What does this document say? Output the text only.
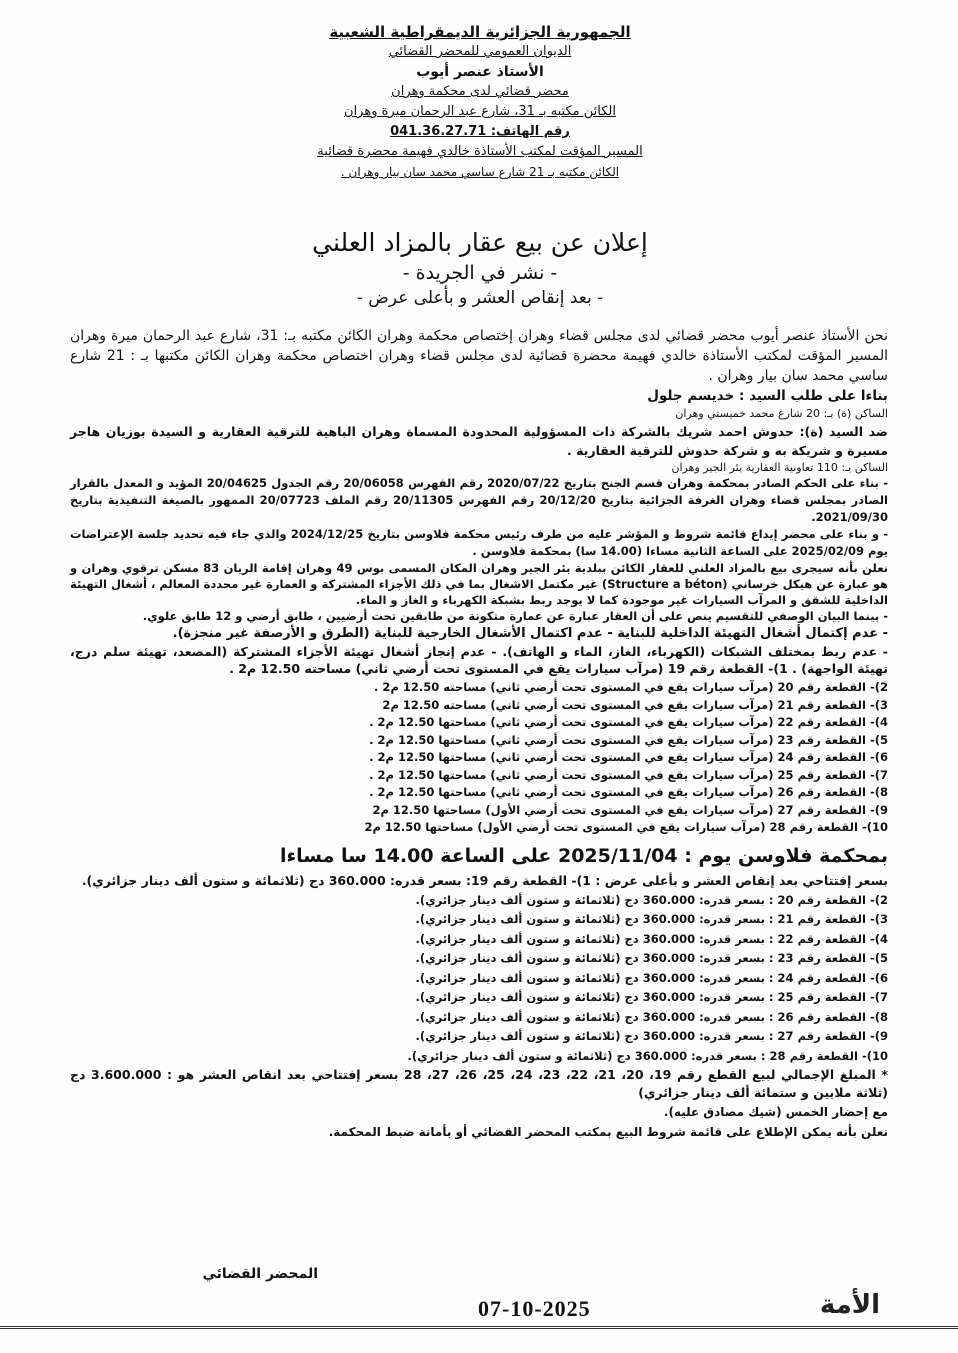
الجمهورية الجزائرية الديمقراطية الشعبية
الديوان العمومي للمحضر القضائي
الأستاذ عنصر أيوب
محضر قضائي لدى محكمة وهران
الكائن مكتبه بـ 31، شارع عبد الرحمان ميرة وهران
رقم الهاتف: 041.36.27.71
المسير المؤقت لمكتب الأستاذة خالدي فهيمة محضرة قضائية
الكائن مكتبه بـ 21 شارع ساسي محمد سان بيار وهران .
إعلان عن بيع عقار بالمزاد العلني
- نشر في الجريدة -
- بعد إنقاص العشر و بأعلى عرض -

نحن الأستاذ عنصر أيوب محضر قضائي لدى مجلس قضاء وهران إختصاص محكمة وهران الكائن مكتبه بـ: 31، شارع عبد الرحمان ميرة وهران المسير المؤقت لمكتب الأستاذة خالدي فهيمة محضرة قضائية لدى مجلس قضاء وهران اختصاص محكمة وهران الكائن مكتبها بـ : 21 شارع ساسي محمد سان بيار وهران .

بناءا على طلب السيد : خديسم جلول

الساكن (ة) بـ: 20 شارع محمد خميستي وهران

ضد السيد (ة): حدوش احمد شريك بالشركة ذات المسؤولية المحدودة المسماة وهران الباهية للترقية العقارية و السيدة بوزيان هاجر مسيرة و شريكة به و شركة حدوش للترقية العقارية .

الساكن بـ: 110 تعاونية العقارية بئر الجير وهران

- بناء على الحكم الصادر بمحكمة وهران قسم الجنح بتاريخ 2020/07/22 رقم الفهرس 20/06058 رقم الجدول 20/04625 المؤيد و المعدل بالقرار الصادر بمجلس قضاء وهران الغرفة الجزائية بتاريخ 20/12/20 رقم الفهرس 20/11305 رقم الملف 20/07723 الممهور بالصيغة التنفيذية بتاريخ 2021/09/30.

- و بناء على محضر إيداع قائمة شروط و المؤشر عليه من طرف رئيس محكمة فلاوسن بتاريخ 2024/12/25 والذي جاء فيه تحديد جلسة الإعتراضات يوم 2025/02/09 على الساعة الثانية مساءا (14.00 سا) بمحكمة فلاوسن .

نعلن بأنه سيجرى بيع بالمزاد العلني للعقار الكائن ببلدية بئر الجير وهران المكان المسمى بوس 49 وهران إقامة الريان 83 مسكن ترقوي وهران و هو عبارة عن هيكل خرساني (Structure a béton) غير مكتمل الاشغال بما في ذلك الأجزاء المشتركة و العمارة غير محددة المعالم ، أشغال التهيئة الداخلية للشقق و المرآب السيارات غير موجودة كما لا يوجد ربط بشبكة الكهرباء و الغاز و الماء.

- بينما البيان الوصفي للتقسيم ينص على أن العقار عبارة عن عمارة متكونة من طابقين تحت أرضيين ، طابق أرضي و 12 طابق علوي.

- عدم إكتمال أشغال التهيئة الداخلية للبناية - عدم اكتمال الأشغال الخارجية للبناية (الطرق و الأرصفة غير منجزة).

- عدم ربط بمختلف الشبكات (الكهرباء، الغاز، الماء و الهاتف). - عدم إنجاز أشغال تهيئة الأجزاء المشتركة (المصعد، تهيئة سلم درج، تهيئة الواجهة) . 1)- القطعة رقم 19 (مرآب سيارات يقع في المستوى تحت أرضي ثاني) مساحته 12.50 م2 .

2)- القطعة رقم 20 (مرآب سيارات يقع في المستوى تحت أرضي ثاني) مساحته 12.50 م2 .

3)- القطعة رقم 21 (مرآب سيارات يقع في المستوى تحت أرضي ثاني) مساحته 12.50 م2

4)- القطعة رقم 22 (مرآب سيارات يقع في المستوى تحت أرضي ثاني) مساحتها 12.50 م2 .

5)- القطعة رقم 23 (مرآب سيارات يقع في المستوى تحت أرضي ثاني) مساحتها 12.50 م2 .

6)- القطعة رقم 24 (مرآب سيارات يقع في المستوى تحت أرضي ثاني) مساحتها 12.50 م2 .

7)- القطعة رقم 25 (مرآب سيارات يقع في المستوى تحت أرضي ثاني) مساحتها 12.50 م2 .

8)- القطعة رقم 26 (مرآب سيارات يقع في المستوى تحت أرضي ثاني) مساحتها 12.50 م2 .

9)- القطعة رقم 27 (مرآب سيارات يقع في المستوى تحت أرضي الأول) مساحتها 12.50 م2

10)- القطعة رقم 28 (مرآب سيارات يقع في المستوى تحت أرضي الأول) مساحتها 12.50 م2

بمحكمة فلاوسن يوم : 2025/11/04 على الساعة 14.00 سا مساءا

بسعر إفتتاحي بعد إنقاص العشر و بأعلى عرض : 1)- القطعة رقم 19: بسعر قدره: 360.000 دج (ثلاثمائة و ستون ألف دينار جزائري).

2)- القطعة رقم 20 : بسعر قدره: 360.000 دج (ثلاثمائة و ستون ألف دينار جزائري).

3)- القطعة رقم 21 : بسعر قدره: 360.000 دج (ثلاثمائة و ستون ألف دينار جزائري).

4)- القطعة رقم 22 : بسعر قدره: 360.000 دج (ثلاثمائة و ستون ألف دينار جزائري).

5)- القطعة رقم 23 : بسعر قدره: 360.000 دج (ثلاثمائة و ستون ألف دينار جزائري).

6)- القطعة رقم 24 : بسعر قدره: 360.000 دج (ثلاثمائة و ستون ألف دينار جزائري).

7)- القطعة رقم 25 : بسعر قدره: 360.000 دج (ثلاثمائة و ستون ألف دينار جزائري).

8)- القطعة رقم 26 : بسعر قدره: 360.000 دج (ثلاثمائة و ستون ألف دينار جزائري).

9)- القطعة رقم 27 : بسعر قدره: 360.000 دج (ثلاثمائة و ستون ألف دينار جزائري).

10)- القطعة رقم 28 : بسعر قدره: 360.000 دج (ثلاثمائة و ستون ألف دينار جزائري).

* المبلغ الإجمالي لبيع القطع رقم 19، 20، 21، 22، 23، 24، 25، 26، 27، 28 بسعر إفتتاحي بعد انقاص العشر هو : 3.600.000 دج (ثلاثة ملايين و ستمائة ألف دينار جزائري)

مع إحضار الخمس (شيك مصادق عليه).

نعلن بأنه يمكن الإطلاع على قائمة شروط البيع بمكتب المحضر القضائي أو بأمانة ضبط المحكمة.

المحضر القضائي
07-10-2025	الأمة
